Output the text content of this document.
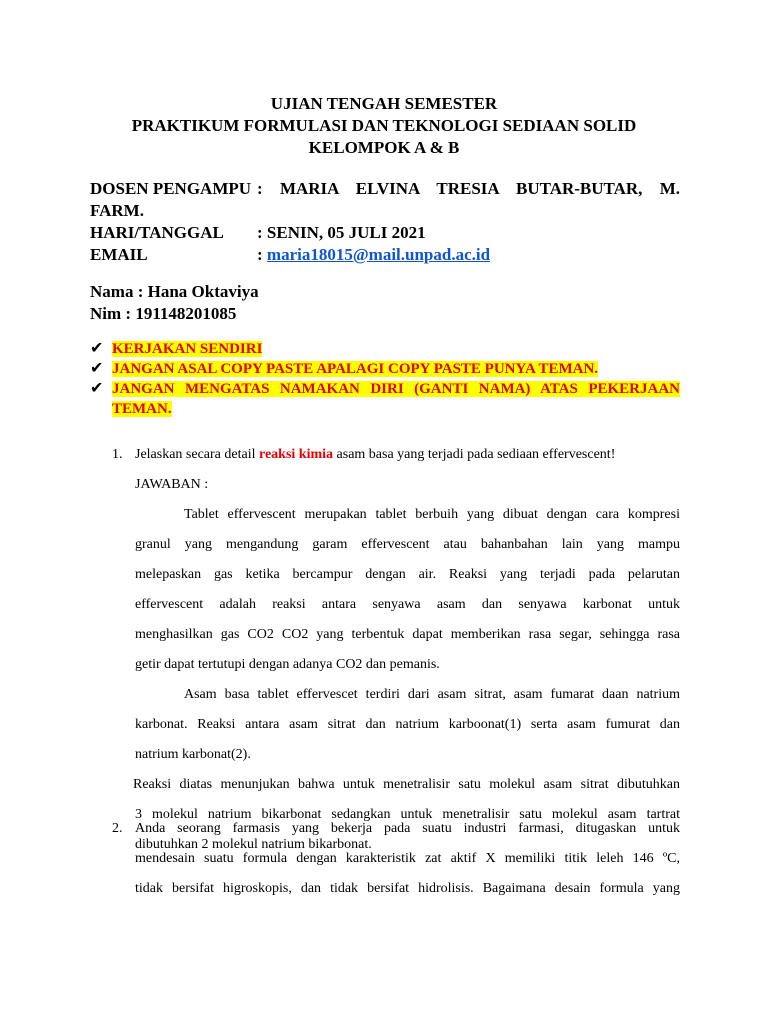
UJIAN TENGAH SEMESTER
PRAKTIKUM FORMULASI DAN TEKNOLOGI SEDIAAN SOLID
KELOMPOK A & B
DOSEN PENGAMPU : MARIA ELVINA TRESIA BUTAR-BUTAR, M.
FARM.
HARI/TANGGAL : SENIN, 05 JULI 2021
EMAIL	: maria18015@mail.unpad.ac.id
Nama : Hana Oktaviya
Nim : 191148201085
✔ KERJAKAN SENDIRI
✔ JANGAN ASAL COPY PASTE APALAGI COPY PASTE PUNYA TEMAN.
✔ JANGAN MENGATAS NAMAKAN DIRI (GANTI NAMA) ATAS PEKERJAAN
TEMAN.
1. Jelaskan secara detail reaksi kimia asam basa yang terjadi pada sediaan effervescent!
JAWABAN :
Tablet effervescent merupakan tablet berbuih yang dibuat dengan cara kompresi
granul yang mengandung garam effervescent atau bahanbahan lain yang mampu
melepaskan gas ketika bercampur dengan air. Reaksi yang terjadi pada pelarutan
effervescent adalah reaksi antara senyawa asam dan senyawa karbonat untuk
menghasilkan gas CO2 CO2 yang terbentuk dapat memberikan rasa segar, sehingga rasa
getir dapat tertutupi dengan adanya CO2 dan pemanis.
Asam basa tablet effervescet terdiri dari asam sitrat, asam fumarat daan natrium
karbonat. Reaksi antara asam sitrat dan natrium karboonat(1) serta asam fumurat dan
natrium karbonat(2).
Reaksi diatas menunjukan bahwa untuk menetralisir satu molekul asam sitrat dibutuhkan
3 molekul natrium bikarbonat sedangkan untuk menetralisir satu molekul asam tartrat
dibutuhkan 2 molekul natrium bikarbonat.
2. Anda seorang farmasis yang bekerja pada suatu industri farmasi, ditugaskan untuk
mendesain suatu formula dengan karakteristik zat aktif X memiliki titik leleh 146 ºC,
tidak bersifat higroskopis, dan tidak bersifat hidrolisis. Bagaimana desain formula yang
